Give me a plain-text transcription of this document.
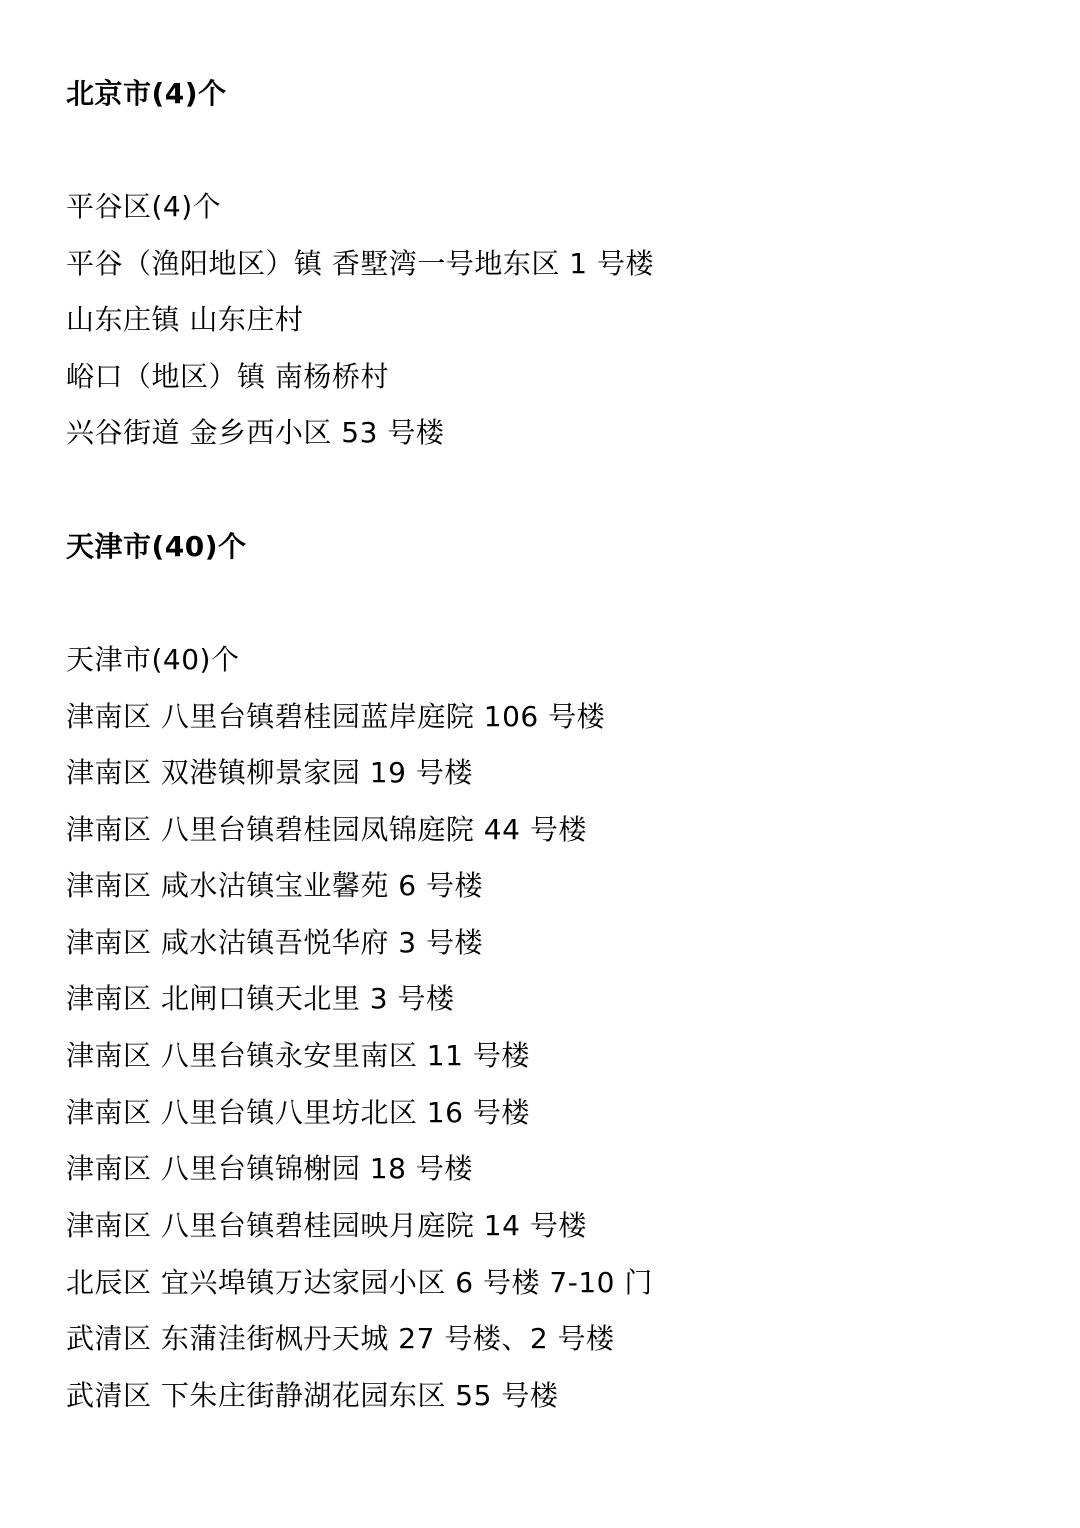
北京市(4)个
平谷区(4)个
平谷（渔阳地区）镇 香墅湾一号地东区 1 号楼
山东庄镇 山东庄村
峪口（地区）镇 南杨桥村
兴谷街道 金乡西小区 53 号楼
天津市(40)个
天津市(40)个
津南区 八里台镇碧桂园蓝岸庭院 106 号楼
津南区 双港镇柳景家园 19 号楼
津南区 八里台镇碧桂园凤锦庭院 44 号楼
津南区 咸水沽镇宝业馨苑 6 号楼
津南区 咸水沽镇吾悦华府 3 号楼
津南区 北闸口镇天北里 3 号楼
津南区 八里台镇永安里南区 11 号楼
津南区 八里台镇八里坊北区 16 号楼
津南区 八里台镇锦榭园 18 号楼
津南区 八里台镇碧桂园映月庭院 14 号楼
北辰区 宜兴埠镇万达家园小区 6 号楼 7-10 门
武清区 东蒲洼街枫丹天城 27 号楼、2 号楼
武清区 下朱庄街静湖花园东区 55 号楼
